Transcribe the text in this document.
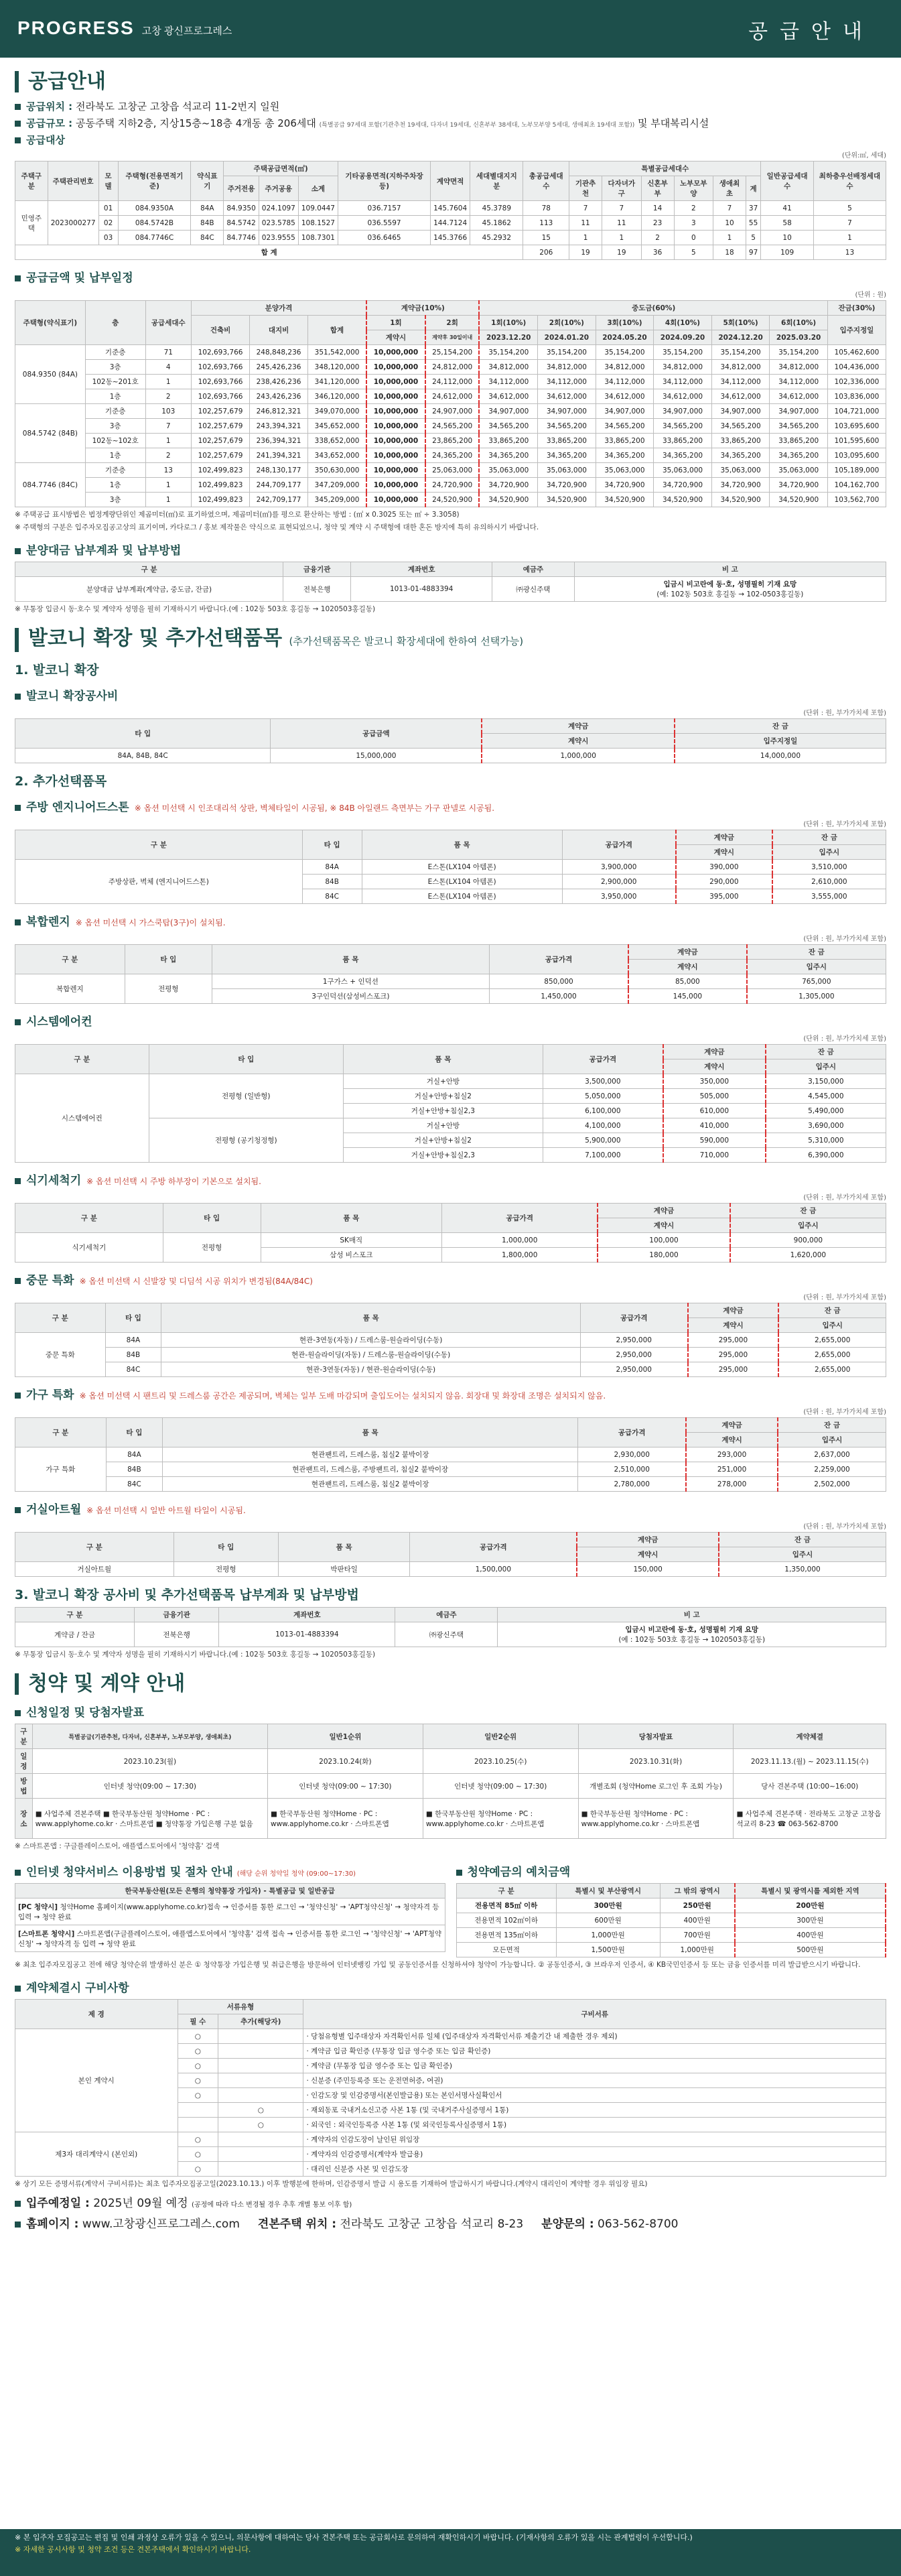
PROGRESS 고창 광신프로그레스	공급안내
공급안내
공급위치 : 전라북도 고창군 고창읍 석교리 11-2번지 일원
공급규모 : 공동주택 지하2층, 지상15층~18층 4개동 총 206세대 (특별공급 97세대 포함(기관추천 19세대, 다자녀 19세대, 신혼부부 38세대, 노부모부양 5세대, 생애최초 19세대 포함)) 및 부대복리시설
공급대상
(단위:㎡, 세대)
주택구분	주택관리번호	모델	주택형(전용면적기준)	약식표기	주택공급면적(㎡)			기타공용면적(지하주차장등)	계약면적	세대별대지지분	총공급세대수	특별공급세대수						일반공급세대수	최하층우선배정세대수
					주거전용	주거공용	소계					기관추천	다자녀가구	신혼부부	노부모부양	생애최초	계		
민영주택	2023000277	01	084.9350A	84A	84.9350	024.1097	109.0447	036.7157	145.7604	45.3789	78	7	7	14	2	7	37	41	5
		02	084.5742B	84B	84.5742	023.5785	108.1527	036.5597	144.7124	45.1862	113	11	11	23	3	10	55	58	7
		03	084.7746C	84C	84.7746	023.9555	108.7301	036.6465	145.3766	45.2932	15	1	1	2	0	1	5	10	1
합 계											206	19	19	36	5	18	97	109	13
공급금액 및 납부일정
(단위 : 원)
주택형(약식표기)	층	공급세대수	분양가격			계약금(10%)		중도금(60%)						잔금(30%)
			건축비	대지비	합계	1회	2회	1회(10%)	2회(10%)	3회(10%)	4회(10%)	5회(10%)	6회(10%)	입주지정일
						계약시	계약후 30일이내	2023.12.20	2024.01.20	2024.05.20	2024.09.20	2024.12.20	2025.03.20	
084.9350 (84A)	기준층	71	102,693,766	248,848,236	351,542,000	10,000,000	25,154,200	35,154,200	35,154,200	35,154,200	35,154,200	35,154,200	35,154,200	105,462,600
	3층	4	102,693,766	245,426,236	348,120,000	10,000,000	24,812,000	34,812,000	34,812,000	34,812,000	34,812,000	34,812,000	34,812,000	104,436,000
	102동~201호	1	102,693,766	238,426,236	341,120,000	10,000,000	24,112,000	34,112,000	34,112,000	34,112,000	34,112,000	34,112,000	34,112,000	102,336,000
	1층	2	102,693,766	243,426,236	346,120,000	10,000,000	24,612,000	34,612,000	34,612,000	34,612,000	34,612,000	34,612,000	34,612,000	103,836,000
084.5742 (84B)	기준층	103	102,257,679	246,812,321	349,070,000	10,000,000	24,907,000	34,907,000	34,907,000	34,907,000	34,907,000	34,907,000	34,907,000	104,721,000
	3층	7	102,257,679	243,394,321	345,652,000	10,000,000	24,565,200	34,565,200	34,565,200	34,565,200	34,565,200	34,565,200	34,565,200	103,695,600
	102동~102호	1	102,257,679	236,394,321	338,652,000	10,000,000	23,865,200	33,865,200	33,865,200	33,865,200	33,865,200	33,865,200	33,865,200	101,595,600
	1층	2	102,257,679	241,394,321	343,652,000	10,000,000	24,365,200	34,365,200	34,365,200	34,365,200	34,365,200	34,365,200	34,365,200	103,095,600
084.7746 (84C)	기준층	13	102,499,823	248,130,177	350,630,000	10,000,000	25,063,000	35,063,000	35,063,000	35,063,000	35,063,000	35,063,000	35,063,000	105,189,000
	1층	1	102,499,823	244,709,177	347,209,000	10,000,000	24,720,900	34,720,900	34,720,900	34,720,900	34,720,900	34,720,900	34,720,900	104,162,700
	3층	1	102,499,823	242,709,177	345,209,000	10,000,000	24,520,900	34,520,900	34,520,900	34,520,900	34,520,900	34,520,900	34,520,900	103,562,700
※ 주택공급 표시방법은 법정계량단위인 제곱미터(㎡)로 표기하였으며, 제곱미터(㎡)를 평으로 환산하는 방법 : (㎡ x 0.3025 또는 ㎡ ÷ 3.3058)
※ 주택형의 구분은 입주자모집공고상의 표기이며, 카다로그 / 홍보 제작물은 약식으로 표현되었으니, 청약 및 계약 시 주택형에 대한 혼돈 방지에 특히 유의하시기 바랍니다.
분양대금 납부계좌 및 납부방법
구 분	금융기관	계좌번호	예금주	비 고
분양대금 납부계좌(계약금, 중도금, 잔금)	전북은행	1013-01-4883394	㈜광신주택	입금시 비고란에 동·호, 성명필히 기재 요망
(예: 102동 503호 홍길동 → 102-0503홍길동)
※ 무통장 입금시 동·호수 및 계약자 성명을 필히 기재하시기 바랍니다.(예 : 102동 503호 홍길동 → 1020503홍길동)
발코니 확장 및 추가선택품목 (추가선택품목은 발코니 확장세대에 한하여 선택가능)
1. 발코니 확장
발코니 확장공사비
(단위 : 원, 부가가치세 포함)
타 입	공급금액	계약금	잔 금
		계약시	입주지정일
84A, 84B, 84C	15,000,000	1,000,000	14,000,000
2. 추가선택품목
주방 엔지니어드스톤 ※ 옵션 미선택 시 인조대리석 상판, 벽체타일이 시공됨, ※ 84B 아일랜드 측면부는 가구 판넬로 시공됨.
(단위 : 원, 부가가치세 포함)
구 분	타 입	품 목	공급가격	계약금	잔 금
				계약시	입주시
주방상판, 벽체 (엔지니어드스톤)	84A	E스톤(LX104 아템폰)	3,900,000	390,000	3,510,000
	84B	E스톤(LX104 아템폰)	2,900,000	290,000	2,610,000
	84C	E스톤(LX104 아템폰)	3,950,000	395,000	3,555,000
복합렌지 ※ 옵션 미선택 시 가스쿡탑(3구)이 설치됨.
(단위 : 원, 부가가치세 포함)
구 분	타 입	품 목	공급가격	계약금	잔 금
				계약시	입주시
복합렌지	전평형	1구가스 + 인덕션	850,000	85,000	765,000
		3구인덕션(삼성비스포크)	1,450,000	145,000	1,305,000
시스템에어컨
(단위 : 원, 부가가치세 포함)
구 분	타 입	품 목	공급가격	계약금	잔 금
				계약시	입주시
시스템에어컨	전평형 (일반형)	거실+안방	3,500,000	350,000	3,150,000
		거실+안방+침실2	5,050,000	505,000	4,545,000
		거실+안방+침실2,3	6,100,000	610,000	5,490,000
	전평형 (공기청정형)	거실+안방	4,100,000	410,000	3,690,000
		거실+안방+침실2	5,900,000	590,000	5,310,000
		거실+안방+침실2,3	7,100,000	710,000	6,390,000
식기세척기 ※ 옵션 미선택 시 주방 하부장이 기본으로 설치됨.
(단위 : 원, 부가가치세 포함)
구 분	타 입	품 목	공급가격	계약금	잔 금
				계약시	입주시
식기세척기	전평형	SK매직	1,000,000	100,000	900,000
		삼성 비스포크	1,800,000	180,000	1,620,000
중문 특화 ※ 옵션 미선택 시 신발장 및 디딤석 시공 위치가 변경됨(84A/84C)
(단위 : 원, 부가가치세 포함)
구 분	타 입	품 목	공급가격	계약금	잔 금
				계약시	입주시
중문 특화	84A	현관-3연동(자동) / 드레스룸-원슬라이딩(수동)	2,950,000	295,000	2,655,000
	84B	현관-원슬라이딩(자동) / 드레스룸-원슬라이딩(수동)	2,950,000	295,000	2,655,000
	84C	현관-3연동(자동) / 현관-원슬라이딩(수동)	2,950,000	295,000	2,655,000
가구 특화 ※ 옵션 미선택 시 팬트리 및 드레스룸 공간은 제공되며, 벽체는 일부 도배 마감되며 출입도어는 설치되지 않음. 회장대 및 화장대 조명은 설치되지 않음.
(단위 : 원, 부가가치세 포함)
구 분	타 입	품 목	공급가격	계약금	잔 금
				계약시	입주시
가구 특화	84A	현관팬트리, 드레스룸, 침실2 붙박이장	2,930,000	293,000	2,637,000
	84B	현관팬트리, 드레스룸, 주방팬트리, 침실2 붙박이장	2,510,000	251,000	2,259,000
	84C	현관팬트리, 드레스룸, 침실2 붙박이장	2,780,000	278,000	2,502,000
거실아트월 ※ 옵션 미선택 시 일반 아트월 타일이 시공됨.
(단위 : 원, 부가가치세 포함)
구 분	타 입	품 목	공급가격	계약금	잔 금
				계약시	입주시
거실아트월	전평형	박판타일	1,500,000	150,000	1,350,000
3. 발코니 확장 공사비 및 추가선택품목 납부계좌 및 납부방법
구 분	금융기관	계좌번호	예금주	비 고
계약금 / 잔금	전북은행	1013-01-4883394	㈜광신주택	입금시 비고란에 동·호, 성명필히 기재 요망
(예 : 102동 503호 홍길동 → 1020503홍길동)
※ 무통장 입금시 동·호수 및 계약자 성명을 필히 기재하시기 바랍니다.(예 : 102동 503호 홍길동 → 1020503홍길동)
청약 및 계약 안내
신청일정 및 당첨자발표
구 분	특별공급(기관추천, 다자녀, 신혼부부, 노부모부양, 생애최초)	일반1순위	일반2순위	당첨자발표	계약체결
일 정	2023.10.23(월)	2023.10.24(화)	2023.10.25(수)	2023.10.31(화)	2023.11.13.(월) ~ 2023.11.15(수)
방 법	인터넷 청약(09:00 ~ 17:30)	인터넷 청약(09:00 ~ 17:30)	인터넷 청약(09:00 ~ 17:30)	개별조회 (청약Home 로그인 후 조회 가능)	당사 견본주택 (10:00~16:00)
장 소	■ 사업주체 견본주택 ■ 한국부동산원 청약Home · PC : www.applyhome.co.kr · 스마트폰앱 ■ 청약통장 가입은행 구분 없음	■ 한국부동산원 청약Home · PC : www.applyhome.co.kr · 스마트폰앱	■ 한국부동산원 청약Home · PC : www.applyhome.co.kr · 스마트폰앱	■ 한국부동산원 청약Home · PC : www.applyhome.co.kr · 스마트폰앱	■ 사업주체 견본주택 · 전라북도 고창군 고창읍 석교리 8-23 ☎ 063-562-8700
※ 스마트폰앱 : 구글플레이스토어, 애플앱스토어에서 '청약홈' 검색
인터넷 청약서비스 이용방법 및 절차 안내 (해당 순위 청약일 청약 (09:00~17:30)
한국부동산원(모든 은행의 청약통장 가입자) - 특별공급 및 일반공급
[PC 청약시] 청약Home 홈페이지(www.applyhome.co.kr)접속 → 인증서를 통한 로그인 → '청약신청' → 'APT청약신청' → 청약자격 등 입력 → 청약 완료
[스마트폰 청약시] 스마트폰앱(구글플레이스토어, 애플앱스토어에서 '청약홈' 검색 접속 → 인증서를 통한 로그인 → '청약신청' → 'APT청약신청' → 청약자격 등 입력 → 청약 완료
청약예금의 예치금액
구 분	특별시 및 부산광역시	그 밖의 광역시	특별시 및 광역시를 제외한 지역
전용면적 85㎡ 이하	300만원	250만원	200만원
전용면적 102㎡이하	600만원	400만원	300만원
전용면적 135㎡이하	1,000만원	700만원	400만원
모든면적	1,500만원	1,000만원	500만원
※ 최초 입주자모집공고 전에 해당 청약순위 발생하신 분은 ① 청약통장 가입은행 및 취급은행을 방문하여 인터넷뱅킹 가입 및 공동인증서를 신청하셔야 청약이 가능합니다. ② 공동인증서, ③ 브라우저 인증서, ④ KB국민인증서 등 또는 금융 인증서를 미리 발급받으시기 바랍니다.
계약체결시 구비사항
제 경	서류유형		구비서류
	필 수	추가(해당자)	
본인 계약시	○		· 당첨유형별 입주대상자 자격확인서류 일체 (입주대상자 자격확인서류 제출기간 내 제출한 경우 제외)
	○		· 계약금 입금 확인증 (무통장 입금 영수증 또는 입금 확인증)
	○		· 계약금 (무통장 입금 영수증 또는 입금 확인증)
	○		· 신분증 (주민등록증 또는 운전면허증, 여권)
	○		· 인감도장 및 인감증명서(본인발급용) 또는 본인서명사실확인서
		○	· 재외동포 국내거소신고증 사본 1통 (및 국내거주사실증명서 1통)
		○	· 외국인 : 외국인등록증 사본 1통 (및 외국인등록사실증명서 1통)
제3자 대리계약시 (본인외)	○		· 계약자의 인감도장이 날인된 위임장
	○		· 계약자의 인감증명서(계약자 발급용)
	○		· 대리인 신분증 사본 및 인감도장
※ 상기 모든 증명서류(계약서 구비서류)는 최초 입주자모집공고일(2023.10.13.) 이후 발행분에 한하며, 인감증명서 발급 시 용도를 기재하여 발급하시기 바랍니다.(계약시 대리인이 계약할 경우 위임장 필요)
입주예정일 : 2025년 09월 예정 (공정에 따라 다소 변경될 경우 추후 개별 통보 이후 함)
홈페이지 : www.고창광신프로그레스.com 견본주택 위치 : 전라북도 고창군 고창읍 석교리 8-23 분양문의 : 063-562-8700
※ 본 입주자 모집공고는 편집 및 인쇄 과정상 오류가 있을 수 있으니, 의문사항에 대하여는 당사 견본주택 또는 공급회사로 문의하여 재확인하시기 바랍니다. (기재사항의 오류가 있을 시는 관계법령이 우선합니다.)
※ 자세한 공시사항 및 청약 조건 등은 견본주택에서 확인하시기 바랍니다.
